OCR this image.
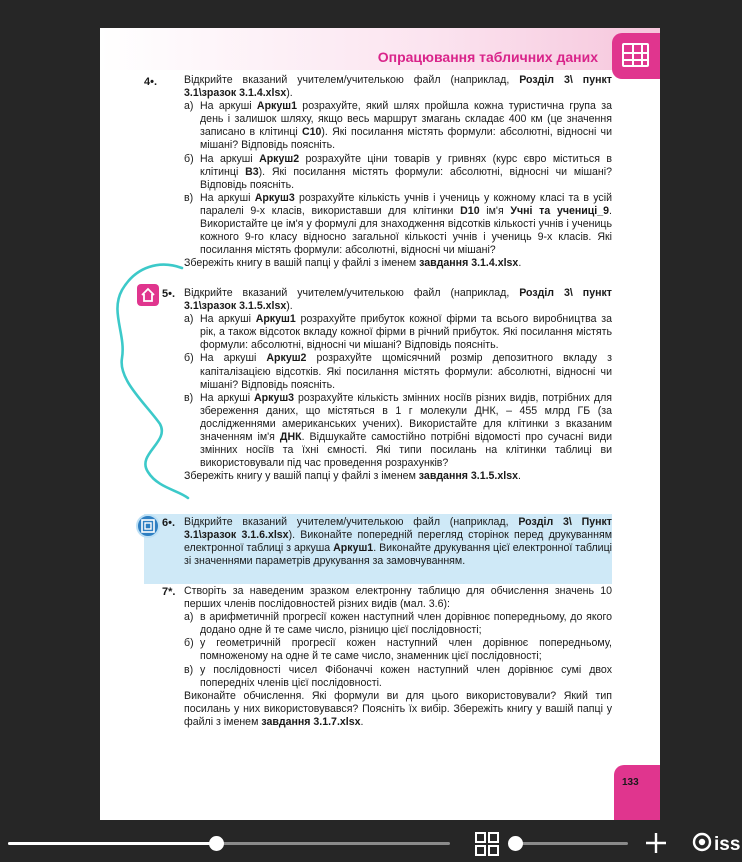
Опрацювання табличних даних
4•.	Відкрийте вказаний учителем/учителькою файл (наприклад, Розділ 3\ пункт 3.1\зразок 3.1.4.xlsx).
а) На аркуші Аркуш1 розрахуйте, який шлях пройшла кожна туристична група за день і залишок шляху, якщо весь маршрут змагань складає 400 км (це значення записано в клітинці C10). Які посилання містять формули: абсолютні, відносні чи мішані? Відповідь поясніть.
б) На аркуші Аркуш2 розрахуйте ціни товарів у гривнях (курс євро міститься в клітинці B3). Які посилання містять формули: абсолютні, відносні чи мішані? Відповідь поясніть.
в) На аркуші Аркуш3 розрахуйте кількість учнів і учениць у кожному класі та в усій паралелі 9-х класів, використавши для клітинки D10 ім'я Учні та учениці_9. Використайте це ім'я у формулі для знаходження відсотків кількості учнів і учениць кожного 9-го класу відносно загальної кількості учнів і учениць 9-х класів. Які посилання містять формули: абсолютні, відносні чи мішані?
Збережіть книгу в вашій папці у файлі з іменем завдання 3.1.4.xlsx.
5•. Відкрийте вказаний учителем/учителькою файл (наприклад, Розділ 3\ пункт 3.1\зразок 3.1.5.xlsx).
а) На аркуші Аркуш1 розрахуйте прибуток кожної фірми та всього виробництва за рік, а також відсоток вкладу кожної фірми в річний прибуток. Які посилання містять формули: абсолютні, відносні чи мішані? Відповідь поясніть.
б) На аркуші Аркуш2 розрахуйте щомісячний розмір депозитного вкладу з капіталізацією відсотків. Які посилання містять формули: абсолютні, відносні чи мішані? Відповідь поясніть.
в) На аркуші Аркуш3 розрахуйте кількість змінних носіїв різних видів, потрібних для збереження даних, що містяться в 1 г молекули ДНК, – 455 млрд ГБ (за дослідженнями американських учених). Використайте для клітинки з вказаним значенням ім'я ДНК. Відшукайте самостійно потрібні відомості про сучасні види змінних носіїв та їхні ємності. Які типи посилань на клітинки таблиці ви використовували під час проведення розрахунків?
Збережіть книгу у вашій папці у файлі з іменем завдання 3.1.5.xlsx.
6•. Відкрийте вказаний учителем/учителькою файл (наприклад, Розділ 3\ Пункт 3.1\зразок 3.1.6.xlsx). Виконайте попередній перегляд сторінок перед друкуванням електронної таблиці з аркуша Аркуш1. Виконайте друкування цієї електронної таблиці зі значеннями параметрів друкування за замовчуванням.
7*. Створіть за наведеним зразком електронну таблицю для обчислення значень 10 перших членів послідовностей різних видів (мал. 3.6):
а) в арифметичній прогресії кожен наступний член дорівнює попередньому, до якого додано одне й те саме число, різницю цієї послідовності;
б) у геометричній прогресії кожен наступний член дорівнює попередньому, помноженому на одне й те саме число, знаменник цієї послідовності;
в) у послідовності чисел Фібоначчі кожен наступний член дорівнює сумі двох попередніх членів цієї послідовності.
Виконайте обчислення. Які формули ви для цього використовували? Який тип посилань у них використовувався? Поясніть їх вибір. Збережіть книгу у вашій папці у файлі з іменем завдання 3.1.7.xlsx.
133
iss
